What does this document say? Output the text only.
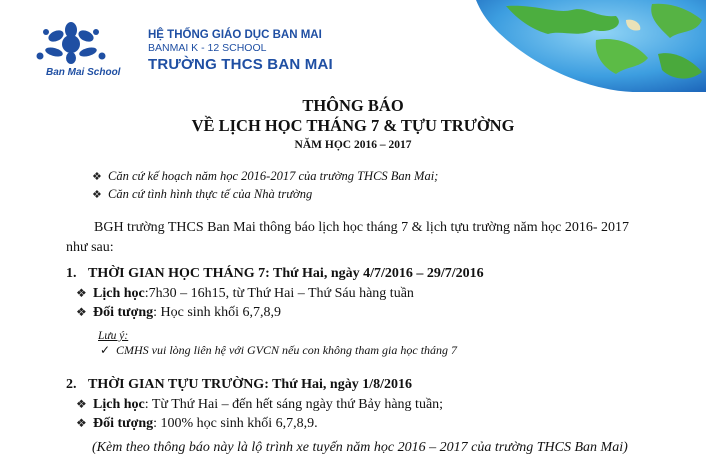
Ban Mai School
HỆ THỐNG GIÁO DỤC BAN MAI
BANMAI K - 12 SCHOOL
TRƯỜNG THCS BAN MAI
THÔNG BÁO
VỀ LỊCH HỌC THÁNG 7 & TỰU TRƯỜNG
NĂM HỌC 2016 – 2017
❖ Căn cứ kế hoạch năm học 2016-2017 của trường THCS Ban Mai;
❖ Căn cứ tình hình thực tế của Nhà trường
BGH trường THCS Ban Mai thông báo lịch học tháng 7 & lịch tựu trường năm học 2016- 2017
như sau:
1. THỜI GIAN HỌC THÁNG 7: Thứ Hai, ngày 4/7/2016 – 29/7/2016
❖ Lịch học:7h30 – 16h15, từ Thứ Hai – Thứ Sáu hàng tuần
❖ Đối tượng: Học sinh khối 6,7,8,9
Lưu ý:
✓ CMHS vui lòng liên hệ với GVCN nếu con không tham gia học tháng 7
2. THỜI GIAN TỰU TRƯỜNG: Thứ Hai, ngày 1/8/2016
❖ Lịch học: Từ Thứ Hai – đến hết sáng ngày thứ Bảy hàng tuần;
❖ Đối tượng: 100% học sinh khối 6,7,8,9.
(Kèm theo thông báo này là lộ trình xe tuyến năm học 2016 – 2017 của trường THCS Ban Mai)
